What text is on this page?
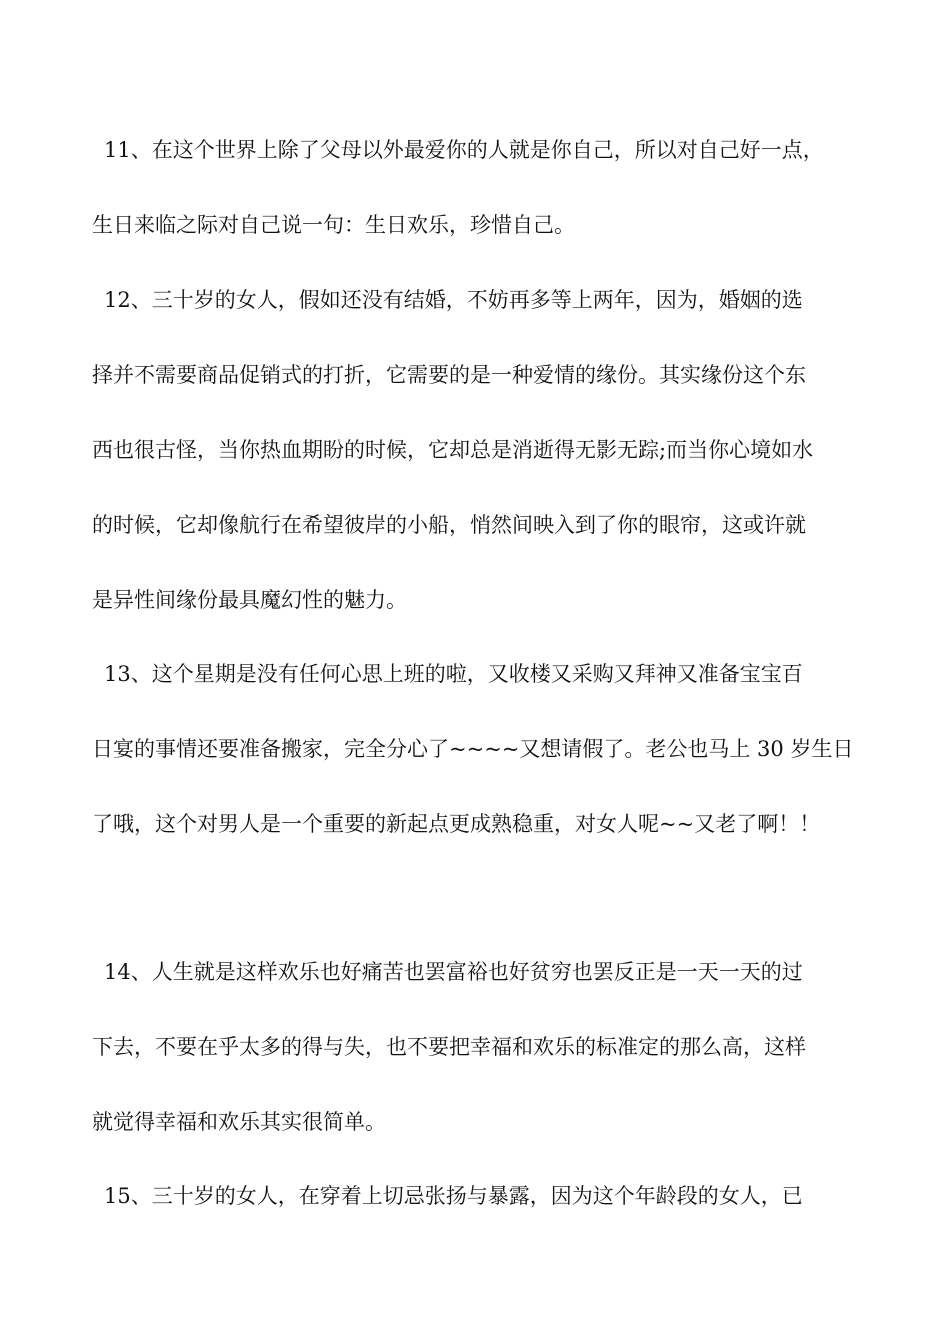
11、在这个世界上除了父母以外最爱你的人就是你自己，所以对自己好一点，
生日来临之际对自己说一句：生日欢乐，珍惜自己。
12、三十岁的女人，假如还没有结婚，不妨再多等上两年，因为，婚姻的选
择并不需要商品促销式的打折，它需要的是一种爱情的缘份。其实缘份这个东
西也很古怪，当你热血期盼的时候，它却总是消逝得无影无踪;而当你心境如水
的时候，它却像航行在希望彼岸的小船，悄然间映入到了你的眼帘，这或许就
是异性间缘份最具魔幻性的魅力。
13、这个星期是没有任何心思上班的啦，又收楼又采购又拜神又准备宝宝百
日宴的事情还要准备搬家，完全分心了~~~~又想请假了。老公也马上 30 岁生日
了哦，这个对男人是一个重要的新起点更成熟稳重，对女人呢~~又老了啊！！
14、人生就是这样欢乐也好痛苦也罢富裕也好贫穷也罢反正是一天一天的过
下去，不要在乎太多的得与失，也不要把幸福和欢乐的标准定的那么高，这样
就觉得幸福和欢乐其实很简单。
15、三十岁的女人，在穿着上切忌张扬与暴露，因为这个年龄段的女人，已
